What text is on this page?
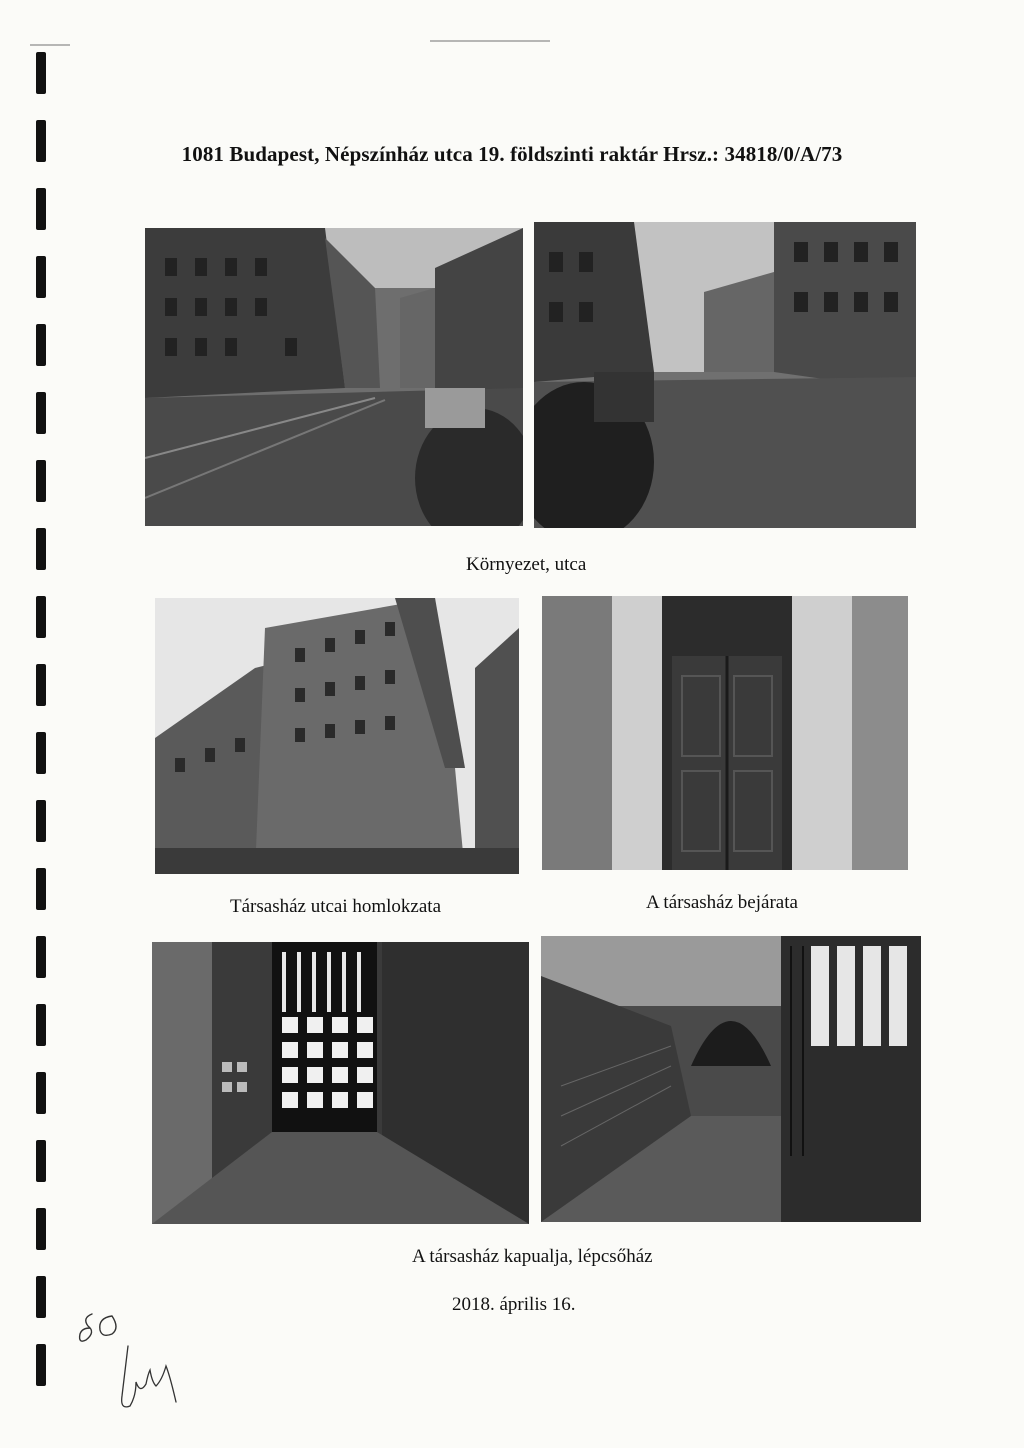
1081 Budapest, Népszínház utca 19. földszinti raktár Hrsz.: 34818/0/A/73
Környezet, utca
Társasház utcai homlokzata	A társasház bejárata
A társasház kapualja, lépcsőház
2018. április 16.
